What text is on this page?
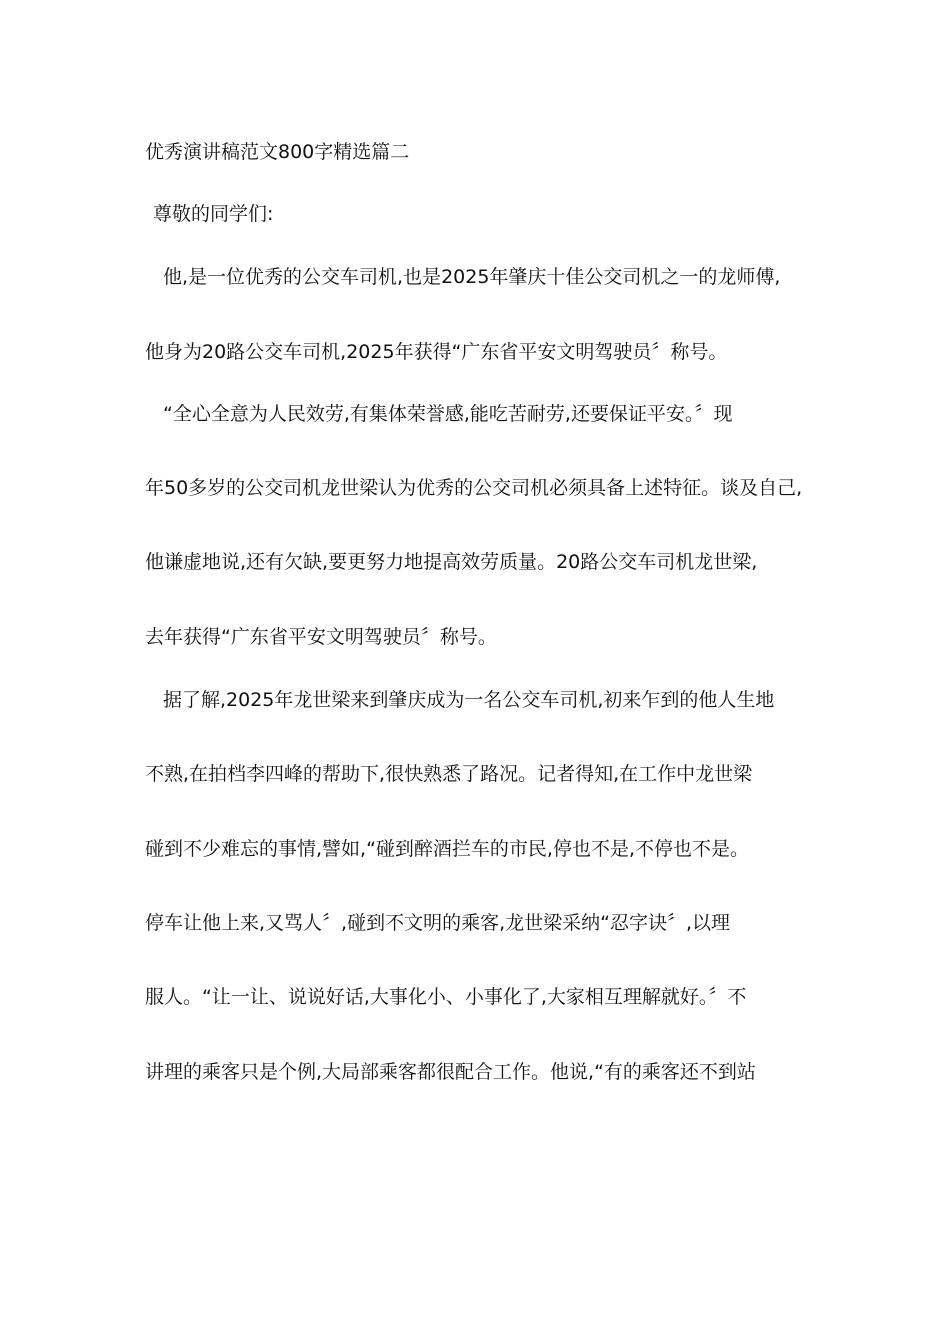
优秀演讲稿范文800字精选篇二
尊敬的同学们:
他,是一位优秀的公交车司机,也是2025年肇庆十佳公交司机之一的龙师傅,
他身为20路公交车司机,2025年获得“广东省平安文明驾驶员〞称号。
“全心全意为人民效劳,有集体荣誉感,能吃苦耐劳,还要保证平安。〞现
年50多岁的公交司机龙世梁认为优秀的公交司机必须具备上述特征。谈及自己,
他谦虚地说,还有欠缺,要更努力地提高效劳质量。20路公交车司机龙世梁,
去年获得“广东省平安文明驾驶员〞称号。
据了解,2025年龙世梁来到肇庆成为一名公交车司机,初来乍到的他人生地
不熟,在拍档李四峰的帮助下,很快熟悉了路况。记者得知,在工作中龙世梁
碰到不少难忘的事情,譬如,“碰到醉酒拦车的市民,停也不是,不停也不是。
停车让他上来,又骂人〞,碰到不文明的乘客,龙世梁采纳“忍字诀〞,以理
服人。“让一让、说说好话,大事化小、小事化了,大家相互理解就好。〞不
讲理的乘客只是个例,大局部乘客都很配合工作。他说,“有的乘客还不到站
